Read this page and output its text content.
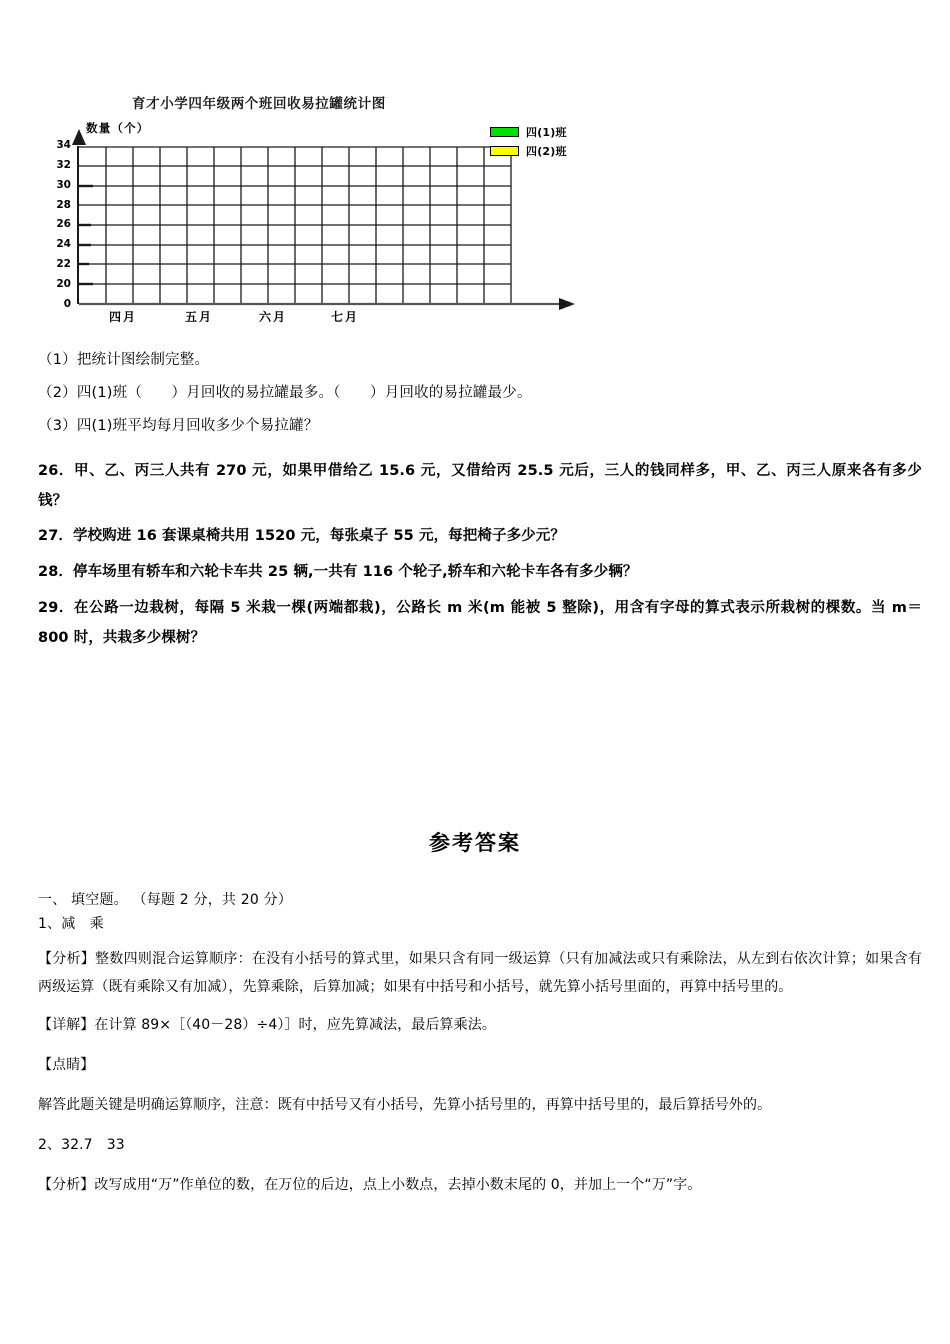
育才小学四年级两个班回收易拉罐统计图
数量（个）
34
32
30
28
26
24
22
20
0
四月	五月	六月	七月
四(1)班
四(2)班

（1）把统计图绘制完整。

（2）四(1)班（　　）月回收的易拉罐最多。（　　）月回收的易拉罐最少。

（3）四(1)班平均每月回收多少个易拉罐？

26．甲、乙、丙三人共有 270 元，如果甲借给乙 15.6 元，又借给丙 25.5 元后，三人的钱同样多，甲、乙、丙三人原来各有多少钱？

27．学校购进 16 套课桌椅共用 1520 元，每张桌子 55 元，每把椅子多少元？

28．停车场里有轿车和六轮卡车共 25 辆,一共有 116 个轮子,轿车和六轮卡车各有多少辆？

29．在公路一边栽树，每隔 5 米栽一棵(两端都栽)，公路长 m 米(m 能被 5 整除)，用含有字母的算式表示所栽树的棵数。当 m＝800 时，共栽多少棵树？

参考答案

一、 填空题。 （每题 2 分，共 20 分）

1、减　乘

【分析】整数四则混合运算顺序：在没有小括号的算式里，如果只含有同一级运算（只有加减法或只有乘除法，从左到右依次计算；如果含有两级运算（既有乘除又有加减），先算乘除，后算加减；如果有中括号和小括号，就先算小括号里面的，再算中括号里的。

【详解】在计算 89×［（40－28）÷4）］时，应先算减法，最后算乘法。

【点睛】

解答此题关键是明确运算顺序，注意：既有中括号又有小括号，先算小括号里的，再算中括号里的，最后算括号外的。

2、32.7　33

【分析】改写成用“万”作单位的数，在万位的后边，点上小数点，去掉小数末尾的 0，并加上一个“万”字。
